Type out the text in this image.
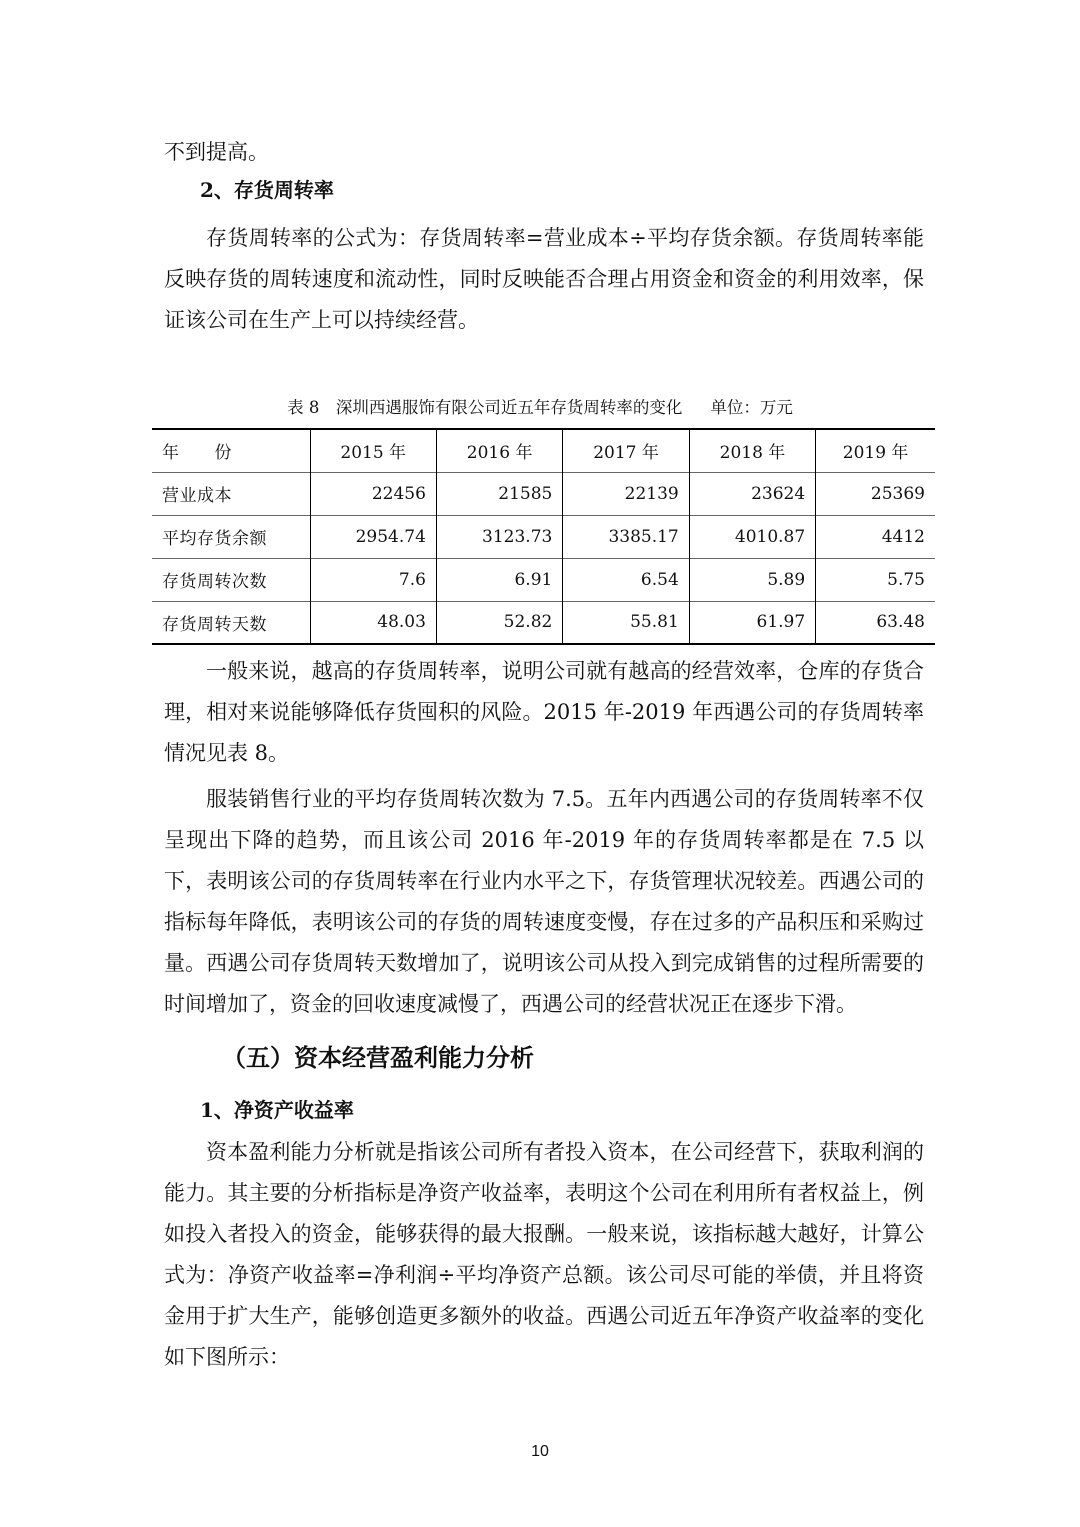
不到提高。

2、存货周转率

存货周转率的公式为：存货周转率=营业成本÷平均存货余额。存货周转率能反映存货的周转速度和流动性，同时反映能否合理占用资金和资金的利用效率，保证该公司在生产上可以持续经营。

表 8　深圳西遇服饰有限公司近五年存货周转率的变化 单位：万元
年　　份	2015 年	2016 年	2017 年	2018 年	2019 年
营业成本	22456	21585	22139	23624	25369
平均存货余额	2954.74	3123.73	3385.17	4010.87	4412
存货周转次数	7.6	6.91	6.54	5.89	5.75
存货周转天数	48.03	52.82	55.81	61.97	63.48

一般来说，越高的存货周转率，说明公司就有越高的经营效率，仓库的存货合理，相对来说能够降低存货囤积的风险。2015 年-2019 年西遇公司的存货周转率情况见表 8。

服装销售行业的平均存货周转次数为 7.5。五年内西遇公司的存货周转率不仅呈现出下降的趋势，而且该公司 2016 年-2019 年的存货周转率都是在 7.5 以下，表明该公司的存货周转率在行业内水平之下，存货管理状况较差。西遇公司的指标每年降低，表明该公司的存货的周转速度变慢，存在过多的产品积压和采购过量。西遇公司存货周转天数增加了，说明该公司从投入到完成销售的过程所需要的时间增加了，资金的回收速度减慢了，西遇公司的经营状况正在逐步下滑。

（五）资本经营盈利能力分析
1、净资产收益率

资本盈利能力分析就是指该公司所有者投入资本，在公司经营下，获取利润的能力。其主要的分析指标是净资产收益率，表明这个公司在利用所有者权益上，例如投入者投入的资金，能够获得的最大报酬。一般来说，该指标越大越好，计算公式为：净资产收益率=净利润÷平均净资产总额。该公司尽可能的举债，并且将资金用于扩大生产，能够创造更多额外的收益。西遇公司近五年净资产收益率的变化如下图所示：

10
